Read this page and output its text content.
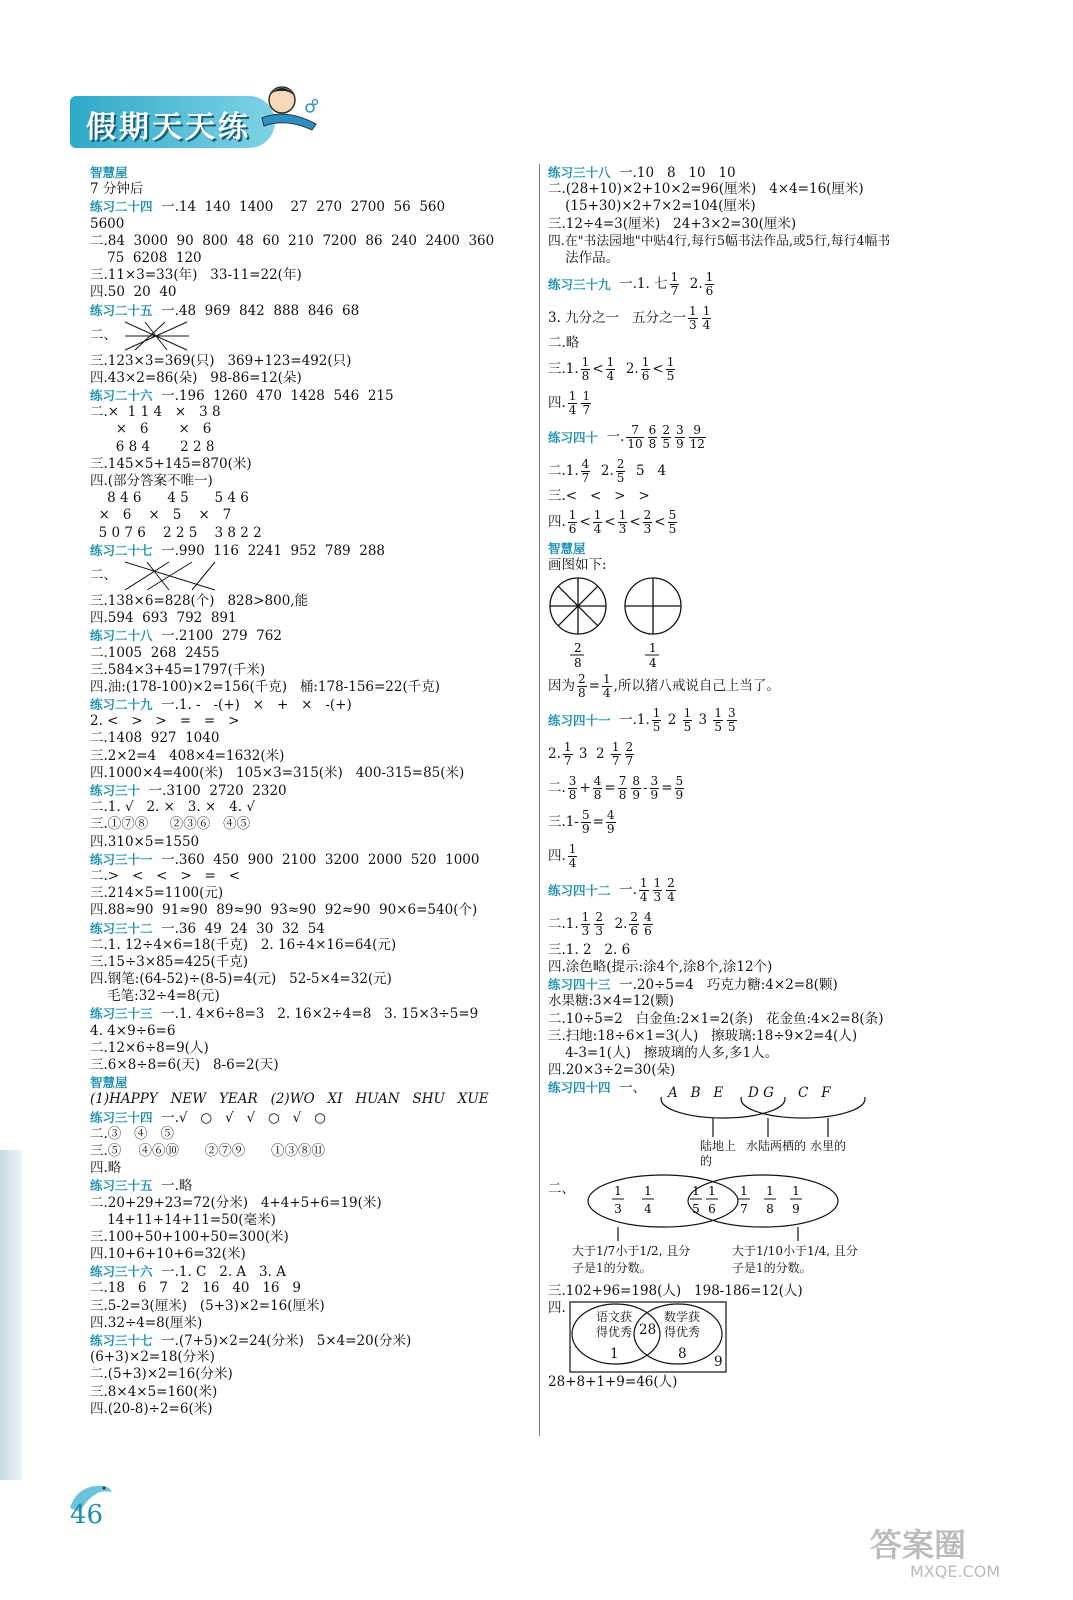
假期天天练
智慧屋
7 分钟后
练习二十四  一.14  140  1400    27  270  2700  56  560
5600
二.84  3000  90  800  48  60  210  7200  86  240  2400  360
75  6208  120
三.11×3=33(年)   33-11=22(年)
四.50  20  40
练习二十五  一.48  969  842  888  846  68
二、
三.123×3=369(只)   369+123=492(只)
四.43×2=86(朵)   98-86=12(朵)
练习二十六  一.196  1260  470  1428  546  215
二.×  1 1 4   ×   3 8
×   6       ×   6
6 8 4       2 2 8
三.145×5+145=870(米)
四.(部分答案不唯一)
8 4 6      4 5      5 4 6
×   6    ×   5    ×   7
5 0 7 6    2 2 5    3 8 2 2
练习二十七  一.990  116  2241  952  789  288
二、
三.138×6=828(个)   828>800,能
四.594  693  792  891
练习二十八  一.2100  279  762
二.1005  268  2455
三.584×3+45=1797(千米)
四.油:(178-100)×2=156(千克)   桶:178-156=22(千克)
练习二十九  一.1. -   -(+)   ×   +   ×   -(+)
2. <   >   >   =   =   >
二.1408  927  1040
三.2×2=4   408×4=1632(米)
四.1000×4=400(米)   105×3=315(米)   400-315=85(米)
练习三十  一.3100  2720  2320
二.1. √   2. ×   3. ×   4. √
三.①⑦⑧     ②③⑥   ④⑤
四.310×5=1550
练习三十一  一.360  450  900  2100  3200  2000  520  1000
二.>   <   <   >   =   <
三.214×5=1100(元)
四.88≈90  91≈90  89≈90  93≈90  92≈90  90×6=540(个)
练习三十二  一.36  49  24  30  32  54
二.1. 12÷4×6=18(千克)   2. 16÷4×16=64(元)
三.15÷3×85=425(千克)
四.钢笔:(64-52)÷(8-5)=4(元)   52-5×4=32(元)
毛笔:32÷4=8(元)
练习三十三  一.1. 4×6÷8=3   2. 16×2÷4=8   3. 15×3÷5=9
4. 4×9÷6=6
二.12×6÷8=9(人)
三.6×8÷8=6(天)   8-6=2(天)
智慧屋
(1)HAPPY   NEW   YEAR   (2)WO   XI   HUAN   SHU   XUE
练习三十四  一.√   ○   √   √   ○   √   ○
二.③   ④   ⑤
三.⑤    ④⑥⑩      ②⑦⑨      ①③⑧⑪
四.略
练习三十五  一.略
二.20+29+23=72(分米)   4+4+5+6=19(米)
14+11+14+11=50(毫米)
三.100+50+100+50=300(米)
四.10+6+10+6=32(米)
练习三十六  一.1. C   2. A   3. A
二.18   6   7   2   16   40   16   9
三.5-2=3(厘米)   (5+3)×2=16(厘米)
四.32÷4=8(厘米)
练习三十七  一.(7+5)×2=24(分米)   5×4=20(分米)
(6+3)×2=18(分米)
二.(5+3)×2=16(分米)
三.8×4×5=160(米)
四.(20-8)÷2=6(米)
练习三十八  一.10   8   10   10
二.(28+10)×2+10×2=96(厘米)   4×4=16(厘米)
(15+30)×2+7×2=104(厘米)
三.12÷4=3(厘米)   24+3×2=30(厘米)
四.在"书法园地"中贴4行,每行5幅书法作品,或5行,每行4幅书
法作品。
练习三十九 一.1. 七 1
7 2. 1
6
3. 九分之一   五分之一 1
3
1
4
二.略
三.1. 1
8 < 1
4 2. 1
6 < 1
5
四. 1
4
1
7
练习四十 一. 7
10
6
8
2
5
3
9
9
12
二.1. 4
7 2. 2
5 5   4
三.<   <   >   >
四. 1
6 < 1
4 < 1
3 < 2
3 < 5
5
智慧屋
画图如下:
2
8
1
4
因为 2
8 = 1
4 ,所以猪八戒说自己上当了。
练习四十一 一.1. 1
5 2 1
5 3 1
5
3
5
2. 1
7 3  2 1
7
2
7
二. 3
8 + 4
8 = 7
8
8
9 - 3
9 = 5
9
三.1- 5
9 = 4
9
四. 1
4
练习四十二 一. 1
4
1
3
2
4
二.1. 1
3
2
3 2. 2
6
4
6
三.1. 2   2. 6
四.涂色略(提示:涂4个,涂8个,涂12个)
练习四十三  一.20÷5=4   巧克力糖:4×2=8(颗)
水果糖:3×4=12(颗)
二.10÷5=2   白金鱼:2×1=2(条)   花金鱼:4×2=8(条)
三.扫地:18÷6×1=3(人)   擦玻璃:18÷9×2=4(人)
4-3=1(人)   擦玻璃的人多,多1人。
四.20×3÷2=30(朵)
练习四十四  一、	A   B   E D G C   F
陆地上的
水陆两栖的 水里的
二、	1
3
1
4
1
5
1
6
1
7
1
8
1
9
大于1/7小于1/2, 且分子是1的分数。
大于1/10小于1/4, 且分子是1的分数。
三.102+96=198(人)   198-186=12(人)
四.
语文获得优秀
数学获得优秀
28
1	8 9
28+8+1+9=46(人)
46
答案圈
MXQE.COM
